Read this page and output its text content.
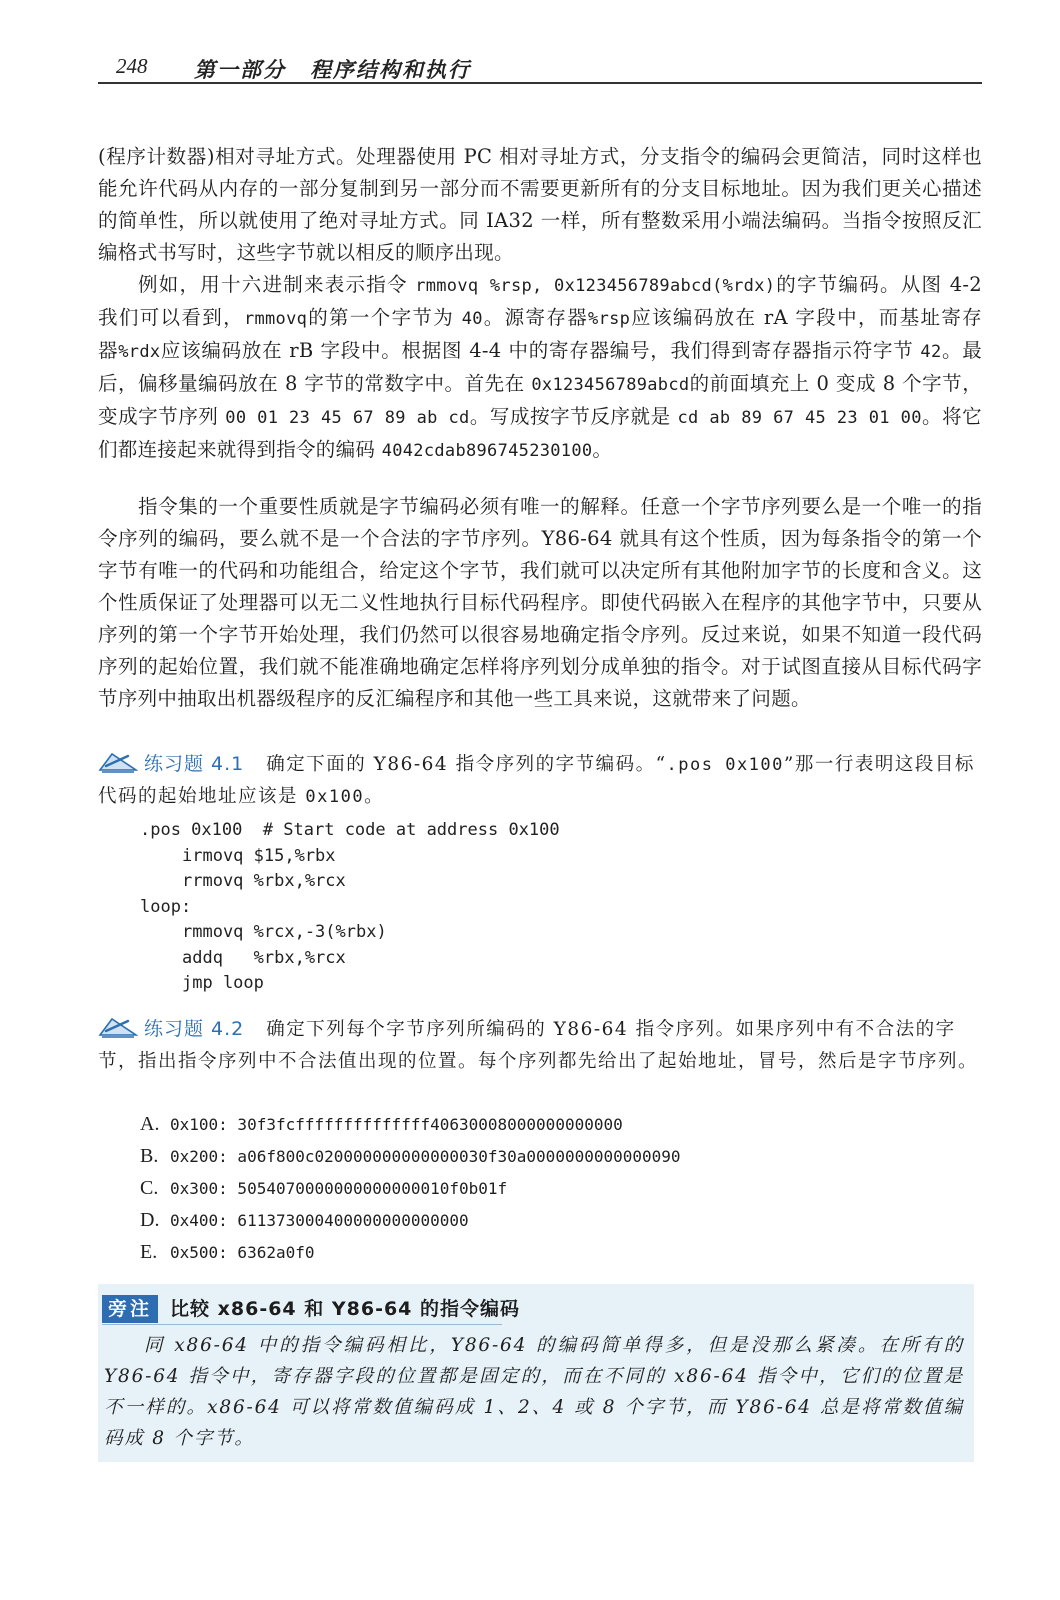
248 第一部分 程序结构和执行
(程序计数器)相对寻址方式。处理器使用 PC 相对寻址方式，分支指令的编码会更简洁，同时这样也能允许代码从内存的一部分复制到另一部分而不需要更新所有的分支目标地址。因为我们更关心描述的简单性，所以就使用了绝对寻址方式。同 IA32 一样，所有整数采用小端法编码。当指令按照反汇编格式书写时，这些字节就以相反的顺序出现。
例如，用十六进制来表示指令 rmmovq %rsp, 0x123456789abcd(%rdx)的字节编码。从图 4-2 我们可以看到，rmmovq的第一个字节为 40。源寄存器%rsp应该编码放在 rA 字段中，而基址寄存器%rdx应该编码放在 rB 字段中。根据图 4-4 中的寄存器编号，我们得到寄存器指示符字节 42。最后，偏移量编码放在 8 字节的常数字中。首先在 0x123456789abcd的前面填充上 0 变成 8 个字节，变成字节序列 00 01 23 45 67 89 ab cd。写成按字节反序就是 cd ab 89 67 45 23 01 00。将它们都连接起来就得到指令的编码 4042cdab896745230100。
指令集的一个重要性质就是字节编码必须有唯一的解释。任意一个字节序列要么是一个唯一的指令序列的编码，要么就不是一个合法的字节序列。Y86-64 就具有这个性质，因为每条指令的第一个字节有唯一的代码和功能组合，给定这个字节，我们就可以决定所有其他附加字节的长度和含义。这个性质保证了处理器可以无二义性地执行目标代码程序。即使代码嵌入在程序的其他字节中，只要从序列的第一个字节开始处理，我们仍然可以很容易地确定指令序列。反过来说，如果不知道一段代码序列的起始位置，我们就不能准确地确定怎样将序列划分成单独的指令。对于试图直接从目标代码字节序列中抽取出机器级程序的反汇编程序和其他一些工具来说，这就带来了问题。
练习题 4.1 确定下面的 Y86-64 指令序列的字节编码。“.pos 0x100”那一行表明这段目标代码的起始地址应该是 0x100。
.pos 0x100  # Start code at address 0x100
irmovq $15,%rbx
rrmovq %rbx,%rcx
loop:
rmmovq %rcx,-3(%rbx)
addq   %rbx,%rcx
jmp loop
练习题 4.2 确定下列每个字节序列所编码的 Y86-64 指令序列。如果序列中有不合法的字节，指出指令序列中不合法值出现的位置。每个序列都先给出了起始地址，冒号，然后是字节序列。
A. 0x100: 30f3fcffffffffffffff40630008000000000000
B. 0x200: a06f800c020000000000000030f30a0000000000000090
C. 0x300: 5054070000000000000010f0b01f
D. 0x400: 611373000400000000000000
E. 0x500: 6362a0f0
旁注 比较 x86-64 和 Y86-64 的指令编码
同 x86-64 中的指令编码相比，Y86-64 的编码简单得多，但是没那么紧凑。在所有的 Y86-64 指令中，寄存器字段的位置都是固定的，而在不同的 x86-64 指令中，它们的位置是不一样的。x86-64 可以将常数值编码成 1、2、4 或 8 个字节，而 Y86-64 总是将常数值编码成 8 个字节。
